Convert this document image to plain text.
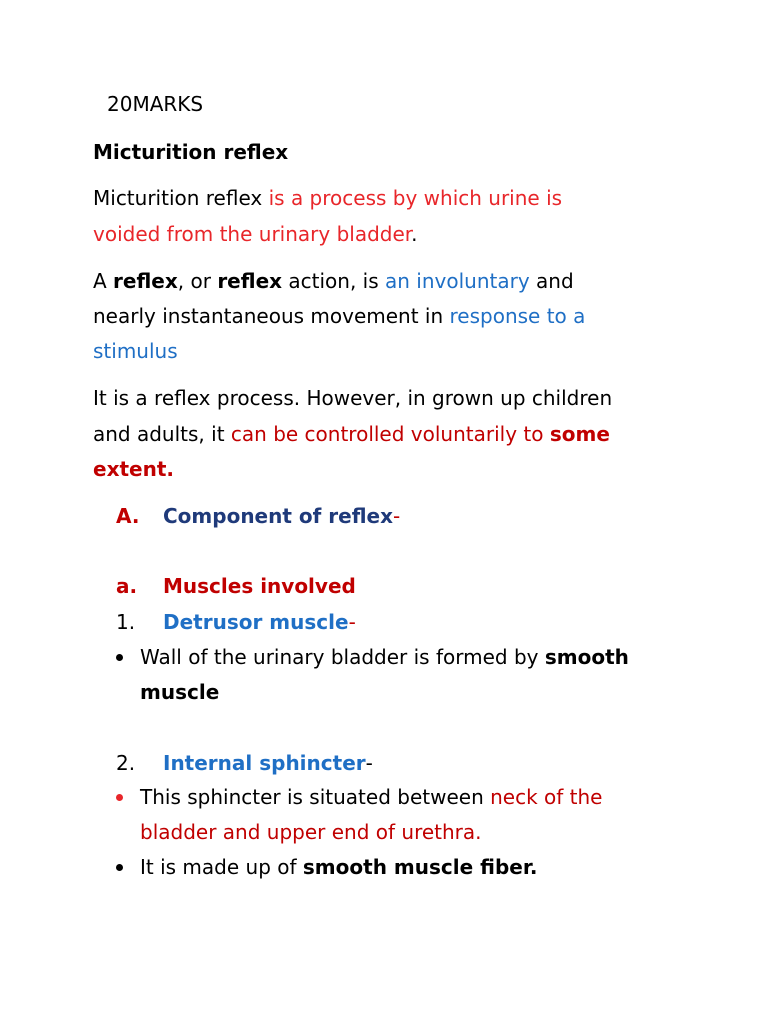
20MARKS
Micturition reflex
Micturition reflex is a process by which urine is
voided from the urinary bladder.
A reflex, or reflex action, is an involuntary and
nearly instantaneous movement in response to a
stimulus
It is a reflex process. However, in grown up children
and adults, it can be controlled voluntarily to some
extent.
A. Component of reflex-
a. Muscles involved
1. Detrusor muscle-
Wall of the urinary bladder is formed by smooth
muscle
2. Internal sphincter-
This sphincter is situated between neck of the
bladder and upper end of urethra.
It is made up of smooth muscle fiber.
